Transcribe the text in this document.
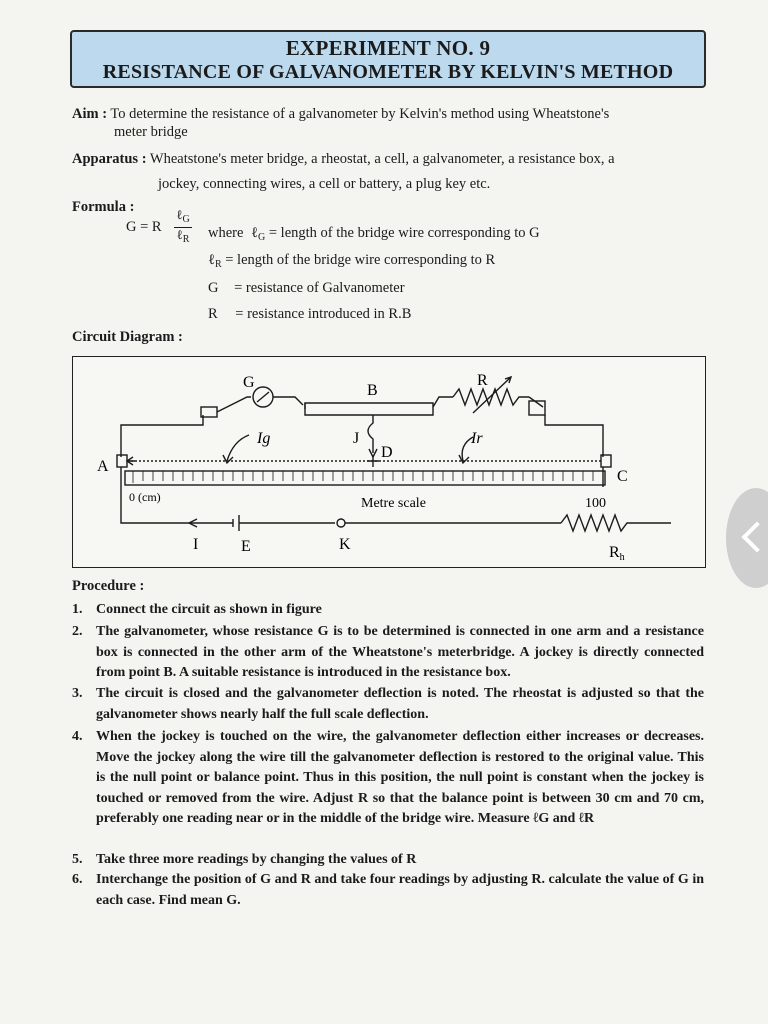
EXPERIMENT NO. 9
RESISTANCE OF GALVANOMETER BY KELVIN'S METHOD
Aim : To determine the resistance of a galvanometer by Kelvin's method using Wheatstone's
meter bridge
Apparatus : Wheatstone's meter bridge, a rheostat, a cell, a galvanometer, a resistance box, a
jockey, connecting wires, a cell or battery, a plug key etc.
Formula :
G = R
ℓ$_G$
ℓ$_R$ where ℓ$_G$ = length of the bridge wire corresponding to G
ℓ$_R$ = length of the bridge wire corresponding to R
G = resistance of Galvanometer
R = resistance introduced in R.B
Circuit Diagram :
G	B
R
Ig	J
D
Ir
A
C
0 (cm)	Metre scale	100
I	E	K	Rh
Procedure :
1. Connect the circuit as shown in figure
2. The galvanometer, whose resistance G is to be determined is connected in one arm and a resistance box is connected in the other arm of the Wheatstone's meterbridge. A jockey is directly connected from point B. A suitable resistance is introduced in the resistance box.
3. The circuit is closed and the galvanometer deflection is noted. The rheostat is adjusted so that the galvanometer shows nearly half the full scale deflection.
4. When the jockey is touched on the wire, the galvanometer deflection either increases or decreases. Move the jockey along the wire till the galvanometer deflection is restored to the original value. This is the null point or balance point. Thus in this position, the null point is constant when the jockey is touched or removed from the wire. Adjust R so that the balance point is between 30 cm and 70 cm, preferably one reading near or in the middle of the bridge wire. Measure ℓG and ℓR
5. Take three more readings by changing the values of R
6. Interchange the position of G and R and take four readings by adjusting R. calculate the value of G in each case. Find mean G.
